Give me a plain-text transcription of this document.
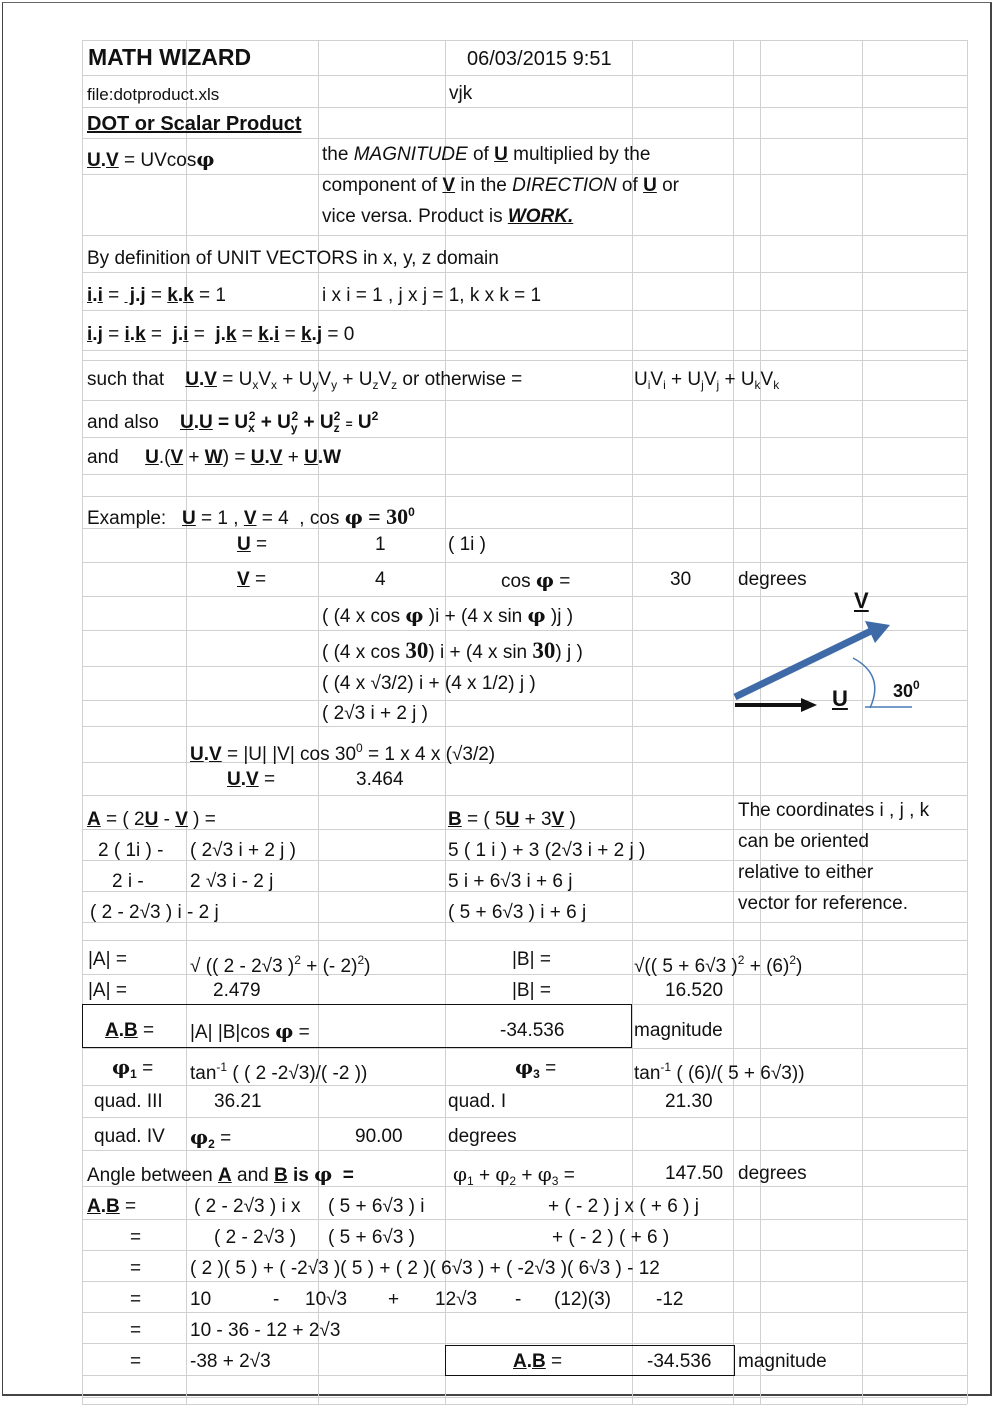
MATH WIZARD	06/03/2015 9:51
file:dotproduct.xls	vjk
DOT or Scalar Product
U.V = UVcosφ	the MAGNITUDE of U multiplied by the
component of V in the DIRECTION of U or
vice versa. Product is WORK.
By definition of UNIT VECTORS in x, y, z domain
i.i =  j.j = k.k = 1	i x i = 1 , j x j = 1, k x k = 1
i.j = i.k =  j.i =  j.k = k.i = k.j = 0
such that $U.V = U_xV_x + U_yV_y + U_zV_z$ or otherwise =	$U_iV_i + U_jV_j + U_kV_k$
and also $U.U = U_x^2 + U_y^2 + U_z^2 = U^2$
and U.(V + W) = U.V + U.W
Example: U = 1 , V = 4  , $\cos \varphi = 30^0$
U =	1	( 1i )
V =	4	cos φ =	30 degrees
( (4 x cos φ )i + (4 x sin φ )j )
( (4 x cos 30) i + (4 x sin 30) j )
( (4 x √3/2) i + (4 x 1/2) j )
( 2√3 i + 2 j )
U.V = |U| |V| $\cos 30^0 = 1$ x 4 x (√3/2)
U.V =	3.464
V
U	$30^0$
A = ( 2U - V ) =
2 ( 1i ) - ( 2√3 i + 2 j )
2 i - 2 √3 i - 2 j
( 2 - 2√3 ) i - 2 j
B = ( 5U + 3V )
5 ( 1 i ) + 3 (2√3 i + 2 j )
5 i + 6√3 i + 6 j
( 5 + 6√3 ) i + 6 j
The coordinates i , j , k
can be oriented
relative to either
vector for reference.
|A| =	√ (( 2 - 2√3 )$^2$ + (- 2)$^2$)	|B| =	√(( 5 + 6√3 )$^2 + (6)^2$)
|A| =	2.479	|B| =	16.520
A.B = |A| |B|cos φ =	-34.536	magnitude
$\varphi_1 = \tan^{-1}$ ( ( 2 -2√3)/( -2 ))	$\varphi_3$ =	$\tan^{-1}$ ( (6)/( 5 + 6√3))
quad. III	36.21	quad. I	21.30
quad. IV $\varphi_2$ =	90.00 degrees
Angle between A and B is φ  =	$\varphi_1 + \varphi_2 + \varphi_3$ =	147.50 degrees
A.B =	( 2 - 2√3 ) i x ( 5 + 6√3 ) i	+ ( - 2 ) j x ( + 6 ) j
=	( 2 - 2√3 ) ( 5 + 6√3 )	+ ( - 2 ) ( + 6 )
=	( 2 )( 5 ) + ( -2√3 )( 5 ) + ( 2 )( 6√3 ) + ( -2√3 )( 6√3 ) - 12
=	10	- 10√3 + 12√3 - (12)(3) -12
=	10 - 36 - 12 + 2√3
=	-38 + 2√3	A.B =	-34.536 magnitude
